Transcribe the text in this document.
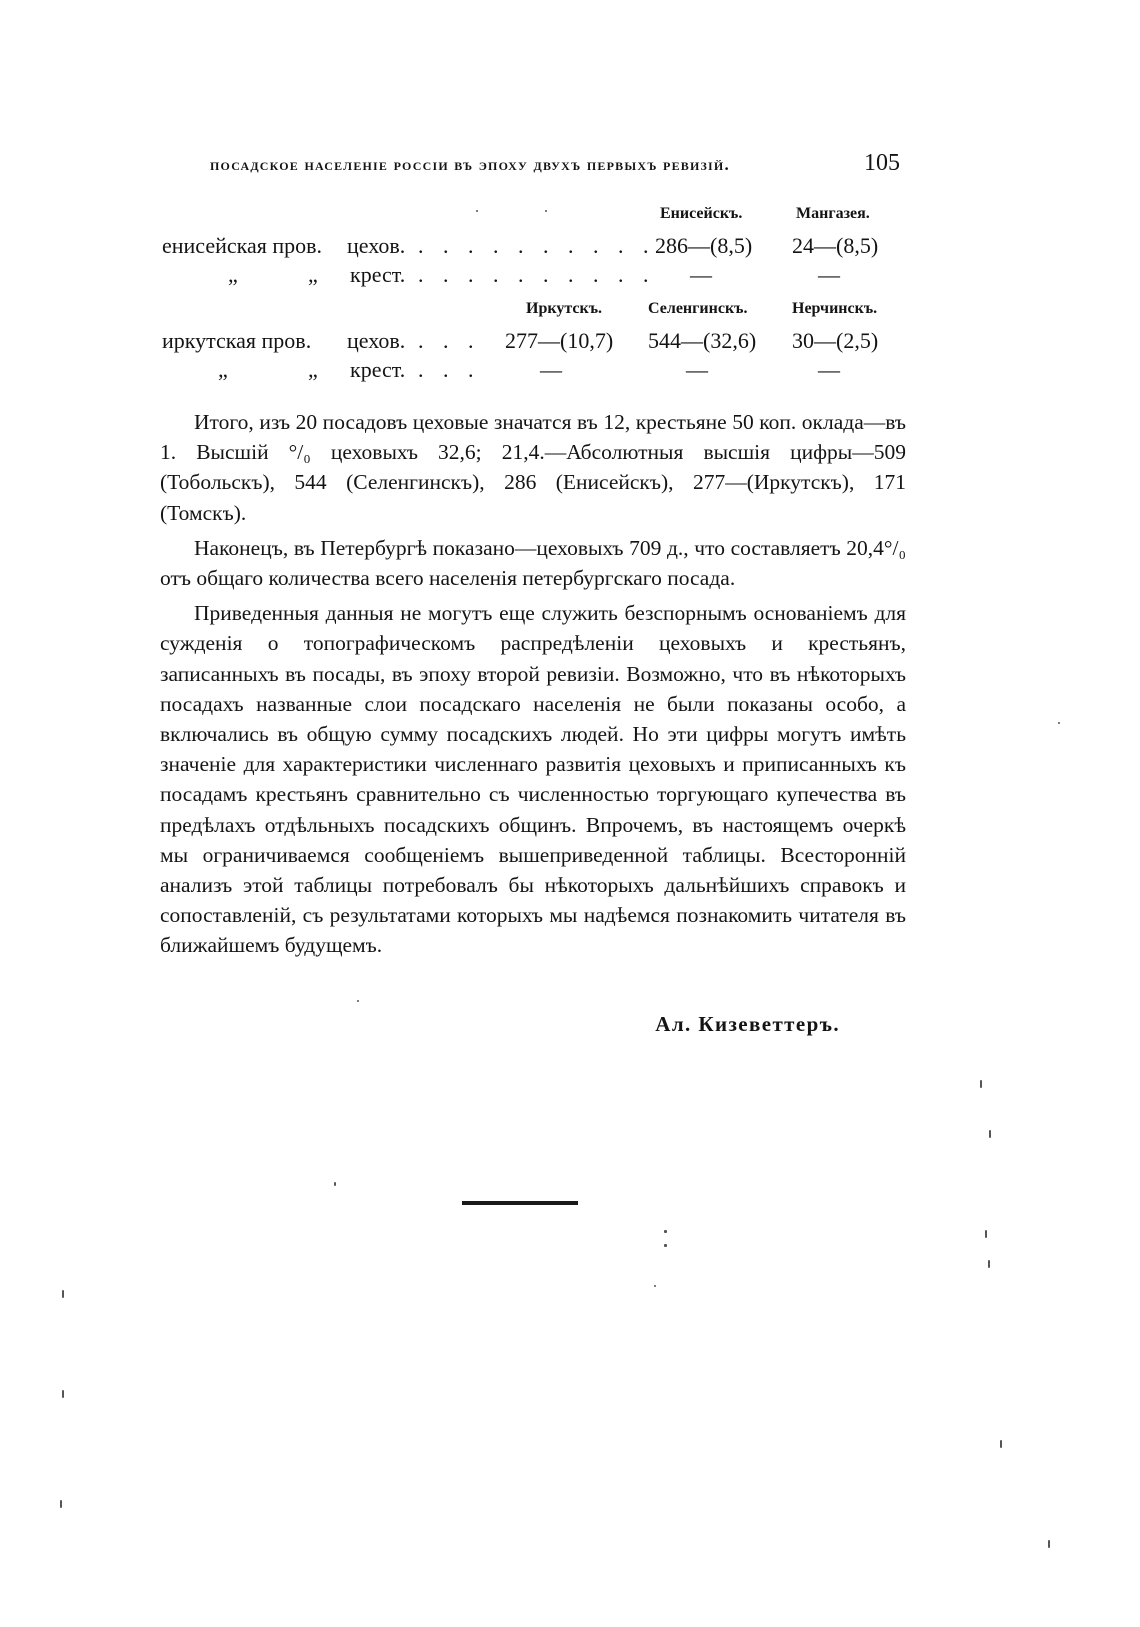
посадское населеніе россіи въ эпоху двухъ первыхъ ревизій.	105
Енисейскъ.	Мангазея.
енисейская пров. цехов. . . . . . . . . . . 286—(8,5) 24—(8,5)
„	„ крест. . . . . . . . . . . —	—
Иркутскъ.	Селенгинскъ.	Нерчинскъ.
иркутская пров. цехов. . . . 277—(10,7) 544—(32,6) 30—(2,5)
„	„ крест. . . .	—	—	—

Итого, изъ 20 посадовъ цеховые значатся въ 12, крестьяне 50 коп. оклада—въ 1. Высшій °/₀ цеховыхъ 32,6; 21,4.—Абсолютныя высшія цифры—509 (Тобольскъ), 544 (Селенгинскъ), 286 (Енисейскъ), 277—(Иркутскъ), 171 (Томскъ).

Наконецъ, въ Петербургѣ показано—цеховыхъ 709 д., что составляетъ 20,4°/₀ отъ общаго количества всего населенія петербургскаго посада.

Приведенныя данныя не могутъ еще служить безспорнымъ основаніемъ для сужденія о топографическомъ распредѣленіи цеховыхъ и крестьянъ, записанныхъ въ посады, въ эпоху второй ревизіи. Возможно, что въ нѣкоторыхъ посадахъ названные слои посадскаго населенія не были показаны особо, а включались въ общую сумму посадскихъ людей. Но эти цифры могутъ имѣть значеніе для характеристики численнаго развитія цеховыхъ и приписанныхъ къ посадамъ крестьянъ сравнительно съ численностью торгующаго купечества въ предѣлахъ отдѣльныхъ посадскихъ общинъ. Впрочемъ, въ настоящемъ очеркѣ мы ограничиваемся сообщеніемъ вышеприведенной таблицы. Всесторонній анализъ этой таблицы потребовалъ бы нѣкоторыхъ дальнѣйшихъ справокъ и сопоставленій, съ результатами которыхъ мы надѣемся познакомить читателя въ ближайшемъ будущемъ.

Ал. Кизеветтеръ.
